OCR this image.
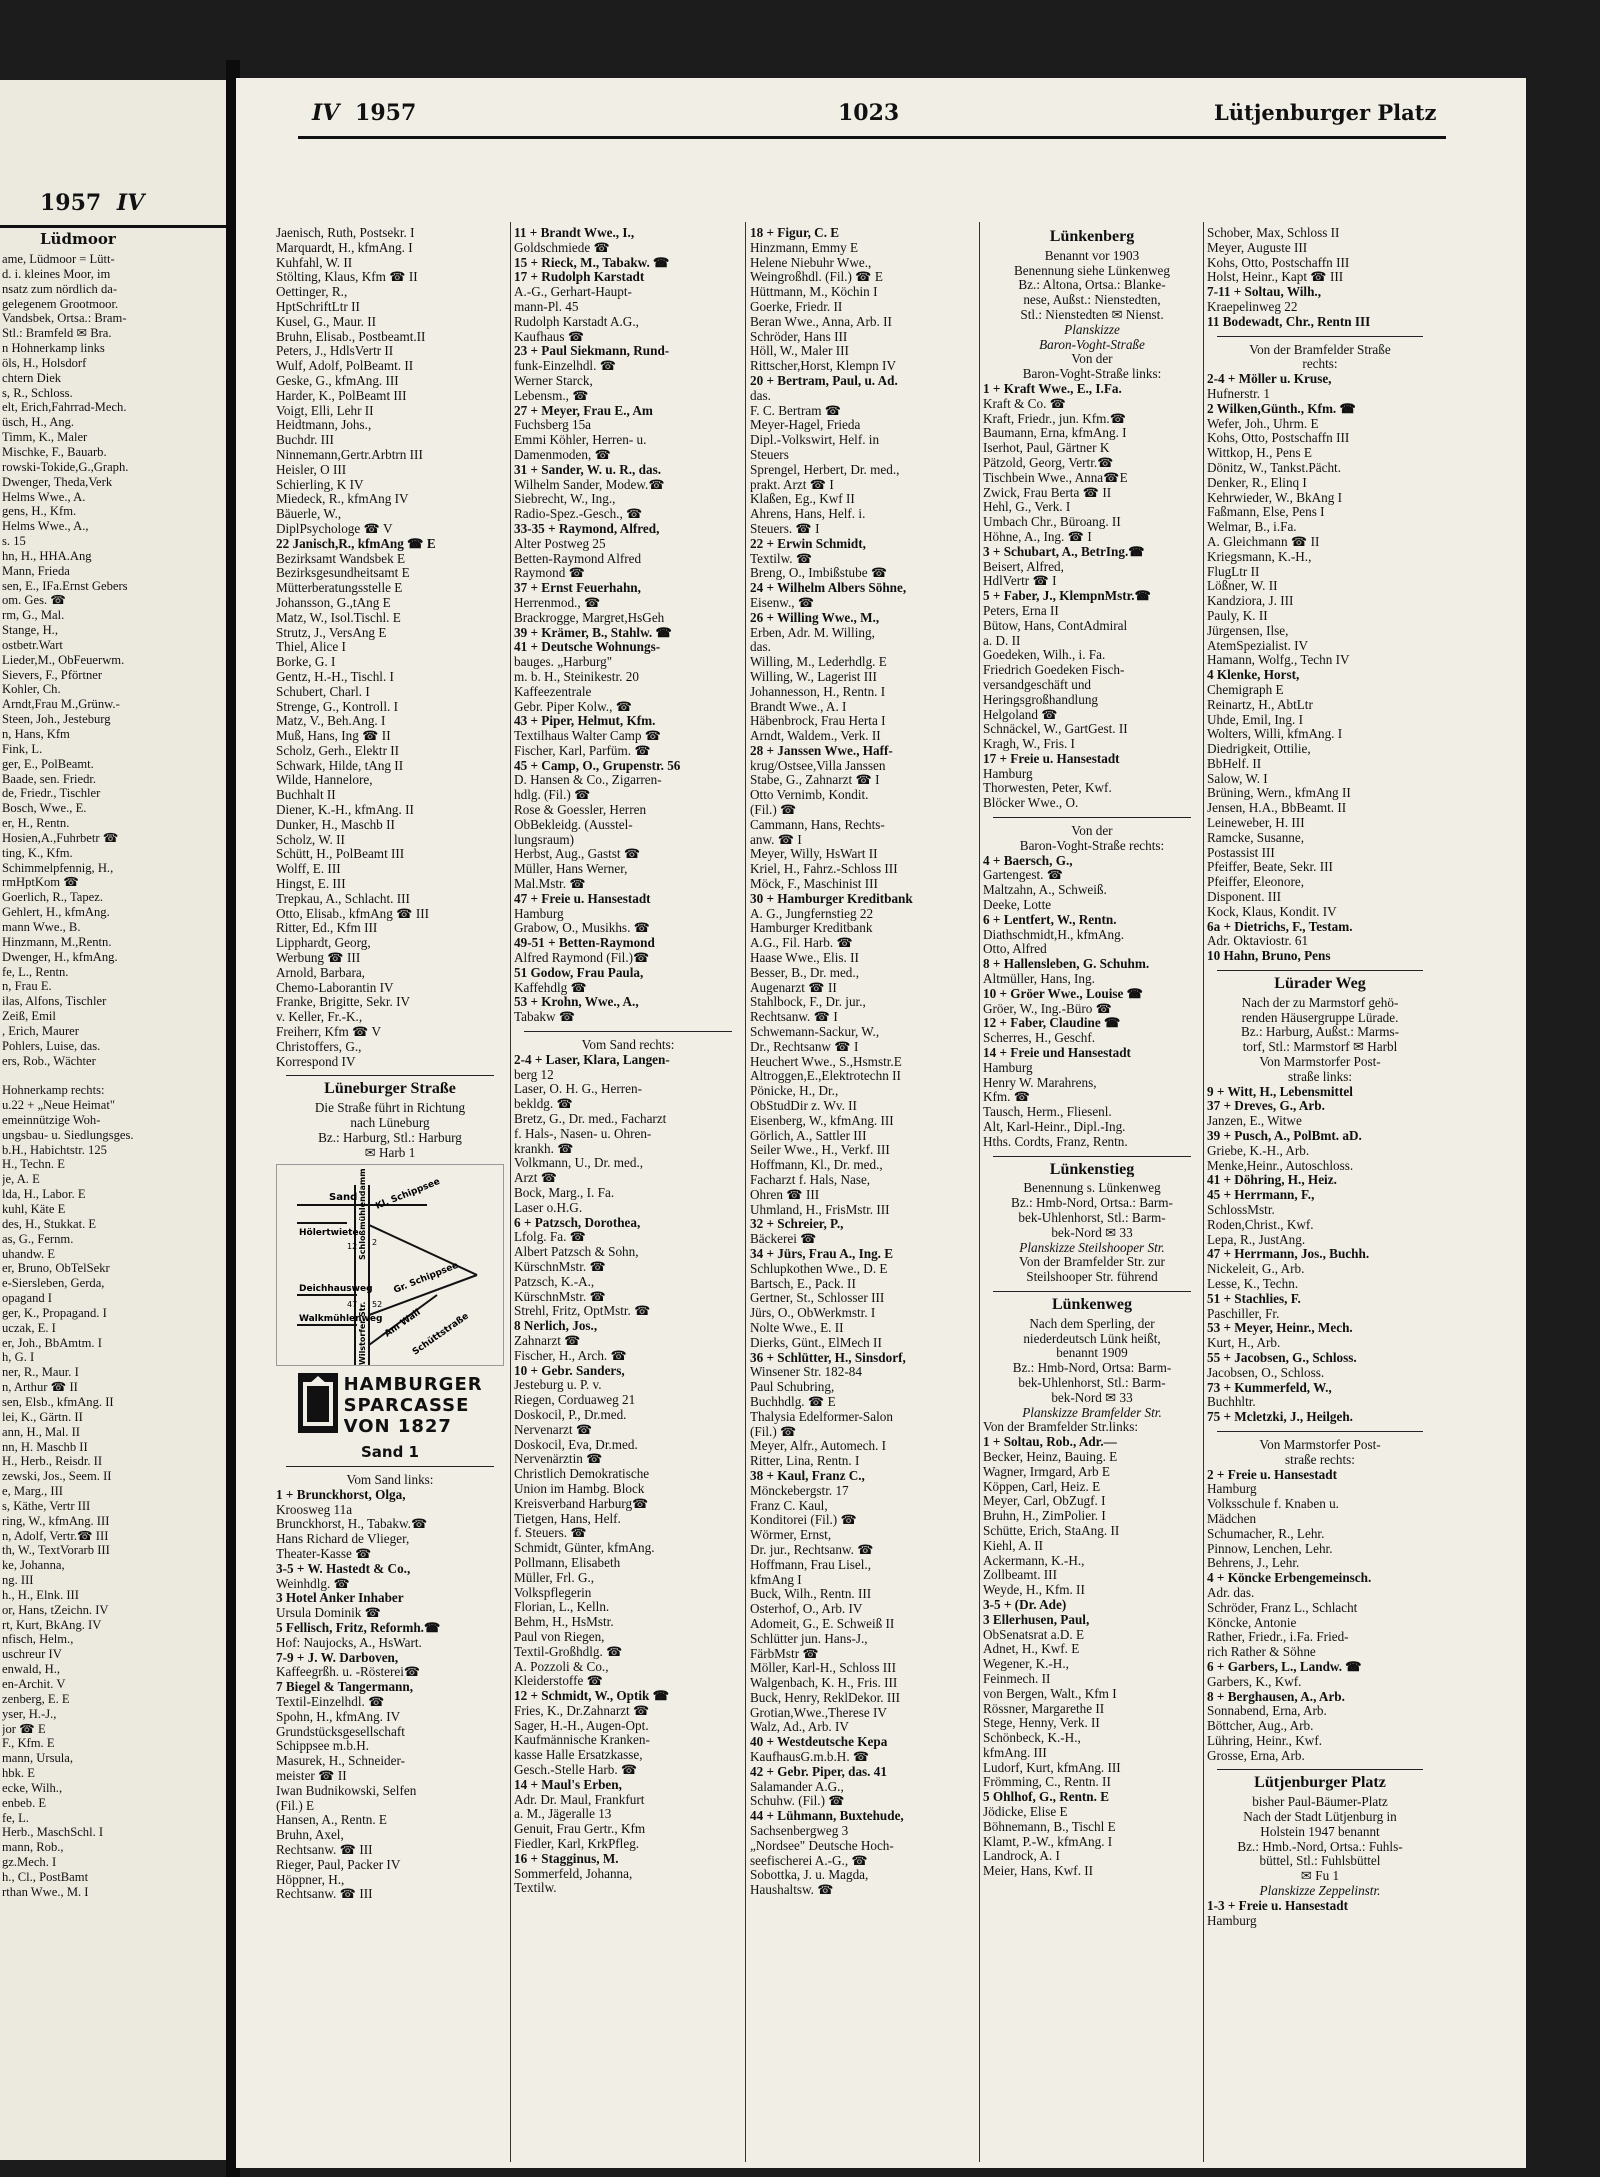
1957 IV
Lüdmoor
ame, Lüdmoor = Lütt-
d. i. kleines Moor, im
nsatz zum nördlich da-
gelegenem Grootmoor.
Vandsbek, Ortsa.: Bram-
Stl.: Bramfeld ✉ Bra.
n Hohnerkamp links
öls, H., Holsdorf
chtern Diek
s, R., Schloss.
elt, Erich,Fahrrad-Mech.
üsch, H., Ang.
Timm, K., Maler
Mischke, F., Bauarb.
rowski-Tokide,G.,Graph.
Dwenger, Theda,Verk
Helms Wwe., A.
gens, H., Kfm.
Helms Wwe., A.,
s. 15
hn, H., HHA.Ang
Mann, Frieda
sen, E., IFa.Ernst Gebers
om. Ges. ☎
rm, G., Mal.
Stange, H.,
ostbetr.Wart
Lieder,M., ObFeuerwm.
Sievers, F., Pförtner
Kohler, Ch.
Arndt,Frau M.,Grünw.-
Steen, Joh., Jesteburg
n, Hans, Kfm
Fink, L.
ger, E., PolBeamt.
Baade, sen. Friedr.
de, Friedr., Tischler
Bosch, Wwe., E.
er, H., Rentn.
Hosien,A.,Fuhrbetr ☎
ting, K., Kfm.
Schimmelpfennig, H.,
rmHptKom ☎
Goerlich, R., Tapez.
Gehlert, H., kfmAng.
mann Wwe., B.
Hinzmann, M.,Rentn.
Dwenger, H., kfmAng.
fe, L., Rentn.
n, Frau E.
ilas, Alfons, Tischler
Zeiß, Emil
, Erich, Maurer
Pohlers, Luise, das.
ers, Rob., Wächter

Hohnerkamp rechts:
u.22 + „Neue Heimat"
emeinnützige Woh-
ungsbau- u. Siedlungsges.
b.H., Habichtstr. 125
H., Techn. E
je, A. E
lda, H., Labor. E
kuhl, Käte E
des, H., Stukkat. E
as, G., Fernm.
uhandw. E
er, Bruno, ObTelSekr
e-Siersleben, Gerda,
opagand I
ger, K., Propagand. I
uczak, E. I
er, Joh., BbAmtm. I
h, G. I
ner, R., Maur. I
n, Arthur ☎ II
sen, Elsb., kfmAng. II
lei, K., Gärtn. II
ann, H., Mal. II
nn, H. Maschb II
H., Herb., Reisdr. II
zewski, Jos., Seem. II
e, Marg., III
s, Käthe, Vertr III
ring, W., kfmAng. III
n, Adolf, Vertr.☎ III
th, W., TextVorarb III
ke, Johanna,
ng. III
h., H., Elnk. III
or, Hans, tZeichn. IV
rt, Kurt, BkAng. IV
nfisch, Helm.,
uschreur IV
enwald, H.,
en-Archit. V
zenberg, E. E
yser, H.-J.,
jor ☎ E
F., Kfm. E
mann, Ursula,
hbk. E
ecke, Wilh.,
enbeb. E
fe, L.
Herb., MaschSchl. I
mann, Rob.,
gz.Mech. I
h., Cl., PostBamt
rthan Wwe., M. I
IV 1957	1023	Lütjenburger Platz
Jaenisch, Ruth, Postsekr. I
Marquardt, H., kfmAng. I
Kuhfahl, W. II
Stölting, Klaus, Kfm ☎ II
Oettinger, R.,
HptSchriftLtr II
Kusel, G., Maur. II
Bruhn, Elisab., Postbeamt.II
Peters, J., HdlsVertr II
Wulf, Adolf, PolBeamt. II
Geske, G., kfmAng. III
Harder, K., PolBeamt III
Voigt, Elli, Lehr II
Heidtmann, Johs.,
Buchdr. III
Ninnemann,Gertr.Arbtrn III
Heisler, O III
Schierling, K IV
Miedeck, R., kfmAng IV
Bäuerle, W.,
DiplPsychologe ☎ V
22 Janisch,R., kfmAng ☎ E
Bezirksamt Wandsbek E
Bezirksgesundheitsamt E
Mütterberatungsstelle E
Johansson, G.,tAng E
Matz, W., Isol.Tischl. E
Strutz, J., VersAng E
Thiel, Alice I
Borke, G. I
Gentz, H.-H., Tischl. I
Schubert, Charl. I
Strenge, G., Kontroll. I
Matz, V., Beh.Ang. I
Muß, Hans, Ing ☎ II
Scholz, Gerh., Elektr II
Schwark, Hilde, tAng II
Wilde, Hannelore,
Buchhalt II
Diener, K.-H., kfmAng. II
Dunker, H., Maschb II
Scholz, W. II
Schütt, H., PolBeamt III
Wolff, E. III
Hingst, E. III
Trepkau, A., Schlacht. III
Otto, Elisab., kfmAng ☎ III
Ritter, Ed., Kfm III
Lipphardt, Georg,
Werbung ☎ III
Arnold, Barbara,
Chemo-Laborantin IV
Franke, Brigitte, Sekr. IV
v. Keller, Fr.-K.,
Freiherr, Kfm ☎ V
Christoffers, G.,
Korrespond IV
Lüneburger Straße
Die Straße führt in Richtung
nach Lüneburg
Bz.: Harburg, Stl.: Harburg
✉ Harb 1
Sand
Hölertwiete
Deichhausweg
Walkmühlenweg
Kl. Schippsee
Gr. Schippsee
Schloßmühlendamm
Am Wall
Schüttstraße
Wilstorfer Str.
12 2
47 52

HAMBURGER
SPARCASSE
VON 1827
Sand 1
Vom Sand links:
1 + Brunckhorst, Olga,
Kroosweg 11a
Brunckhorst, H., Tabakw.☎
Hans Richard de Vlieger,
Theater-Kasse ☎
3-5 + W. Hastedt & Co.,
Weinhdlg. ☎
3 Hotel Anker Inhaber
Ursula Dominik ☎
5 Fellisch, Fritz, Reformh.☎
Hof: Naujocks, A., HsWart.
7-9 + J. W. Darboven,
Kaffeegrßh. u. -Rösterei☎
7 Biegel & Tangermann,
Textil-Einzelhdl. ☎
Spohn, H., kfmAng. IV
Grundstücksgesellschaft
Schippsee m.b.H.
Masurek, H., Schneider-
meister ☎ II
Iwan Budnikowski, Selfen
(Fil.) E
Hansen, A., Rentn. E
Bruhn, Axel,
Rechtsanw. ☎ III
Rieger, Paul, Packer IV
Höppner, H.,
Rechtsanw. ☎ III
11 + Brandt Wwe., I.,
Goldschmiede ☎
15 + Rieck, M., Tabakw. ☎
17 + Rudolph Karstadt
A.-G., Gerhart-Haupt-
mann-Pl. 45
Rudolph Karstadt A.G.,
Kaufhaus ☎
23 + Paul Siekmann, Rund-
funk-Einzelhdl. ☎
Werner Starck,
Lebensm., ☎
27 + Meyer, Frau E., Am
Fuchsberg 15a
Emmi Köhler, Herren- u.
Damenmoden, ☎
31 + Sander, W. u. R., das.
Wilhelm Sander, Modew.☎
Siebrecht, W., Ing.,
Radio-Spez.-Gesch., ☎
33-35 + Raymond, Alfred,
Alter Postweg 25
Betten-Raymond Alfred
Raymond ☎
37 + Ernst Feuerhahn,
Herrenmod., ☎
Brackrogge, Margret,HsGeh
39 + Krämer, B., Stahlw. ☎
41 + Deutsche Wohnungs-
bauges. „Harburg"
m. b. H., Steinikestr. 20
Kaffeezentrale
Gebr. Piper Kolw., ☎
43 + Piper, Helmut, Kfm.
Textilhaus Walter Camp ☎
Fischer, Karl, Parfüm. ☎
45 + Camp, O., Grupenstr. 56
D. Hansen & Co., Zigarren-
hdlg. (Fil.) ☎
Rose & Goessler, Herren
ObBekleidg. (Ausstel-
lungsraum)
Herbst, Aug., Gastst ☎
Müller, Hans Werner,
Mal.Mstr. ☎
47 + Freie u. Hansestadt
Hamburg
Grabow, O., Musikhs. ☎
49-51 + Betten-Raymond
Alfred Raymond (Fil.)☎
51 Godow, Frau Paula,
Kaffehdlg ☎
53 + Krohn, Wwe., A.,
Tabakw ☎
Vom Sand rechts:
2-4 + Laser, Klara, Langen-
berg 12
Laser, O. H. G., Herren-
bekldg. ☎
Bretz, G., Dr. med., Facharzt
f. Hals-, Nasen- u. Ohren-
krankh. ☎
Volkmann, U., Dr. med.,
Arzt ☎
Bock, Marg., I. Fa.
Laser o.H.G.
6 + Patzsch, Dorothea,
Lfolg. Fa. ☎
Albert Patzsch & Sohn,
KürschnMstr. ☎
Patzsch, K.-A.,
KürschnMstr. ☎
Strehl, Fritz, OptMstr. ☎
8 Nerlich, Jos.,
Zahnarzt ☎
Fischer, H., Arch. ☎
10 + Gebr. Sanders,
Jesteburg u. P. v.
Riegen, Corduaweg 21
Doskocil, P., Dr.med.
Nervenarzt ☎
Doskocil, Eva, Dr.med.
Nervenärztin ☎
Christlich Demokratische
Union im Hambg. Block
Kreisverband Harburg☎
Tietgen, Hans, Helf.
f. Steuers. ☎
Schmidt, Günter, kfmAng.
Pollmann, Elisabeth
Müller, Frl. G.,
Volkspflegerin
Florian, L., Kelln.
Behm, H., HsMstr.
Paul von Riegen,
Textil-Großhdlg. ☎
A. Pozzoli & Co.,
Kleiderstoffe ☎
12 + Schmidt, W., Optik ☎
Fries, K., Dr.Zahnarzt ☎
Sager, H.-H., Augen-Opt.
Kaufmännische Kranken-
kasse Halle Ersatzkasse,
Gesch.-Stelle Harb. ☎
14 + Maul's Erben,
Adr. Dr. Maul, Frankfurt
a. M., Jägeralle 13
Genuit, Frau Gertr., Kfm
Fiedler, Karl, KrkPfleg.
16 + Stagginus, M.
Sommerfeld, Johanna,
Textilw.
18 + Figur, C. E
Hinzmann, Emmy E
Helene Niebuhr Wwe.,
Weingroßhdl. (Fil.) ☎ E
Hüttmann, M., Köchin I
Goerke, Friedr. II
Beran Wwe., Anna, Arb. II
Schröder, Hans III
Höll, W., Maler III
Rittscher,Horst, Klempn IV
20 + Bertram, Paul, u. Ad.
das.
F. C. Bertram ☎
Meyer-Hagel, Frieda
Dipl.-Volkswirt, Helf. in
Steuers
Sprengel, Herbert, Dr. med.,
prakt. Arzt ☎ I
Klaßen, Eg., Kwf II
Ahrens, Hans, Helf. i.
Steuers. ☎ I
22 + Erwin Schmidt,
Textilw. ☎
Breng, O., Imbißstube ☎
24 + Wilhelm Albers Söhne,
Eisenw., ☎
26 + Willing Wwe., M.,
Erben, Adr. M. Willing,
das.
Willing, M., Lederhdlg. E
Willing, W., Lagerist III
Johannesson, H., Rentn. I
Brandt Wwe., A. I
Häbenbrock, Frau Herta I
Arndt, Waldem., Verk. II
28 + Janssen Wwe., Haff-
krug/Ostsee,Villa Janssen
Stabe, G., Zahnarzt ☎ I
Otto Vernimb, Kondit.
(Fil.) ☎
Cammann, Hans, Rechts-
anw. ☎ I
Meyer, Willy, HsWart II
Kriel, H., Fahrz.-Schloss III
Möck, F., Maschinist III
30 + Hamburger Kreditbank
A. G., Jungfernstieg 22
Hamburger Kreditbank
A.G., Fil. Harb. ☎
Haase Wwe., Elis. II
Besser, B., Dr. med.,
Augenarzt ☎ II
Stahlbock, F., Dr. jur.,
Rechtsanw. ☎ I
Schwemann-Sackur, W.,
Dr., Rechtsanw ☎ I
Heuchert Wwe., S.,Hsmstr.E
Altroggen,E.,Elektrotechn II
Pönicke, H., Dr.,
ObStudDir z. Wv. II
Eisenberg, W., kfmAng. III
Görlich, A., Sattler III
Seiler Wwe., H., Verkf. III
Hoffmann, Kl., Dr. med.,
Facharzt f. Hals, Nase,
Ohren ☎ III
Uhmland, H., FrisMstr. III
32 + Schreier, P.,
Bäckerei ☎
34 + Jürs, Frau A., Ing. E
Schlupkothen Wwe., D. E
Bartsch, E., Pack. II
Gertner, St., Schlosser III
Jürs, O., ObWerkmstr. I
Nolte Wwe., E. II
Dierks, Günt., ElMech II
36 + Schlütter, H., Sinsdorf,
Winsener Str. 182-84
Paul Schubring,
Buchhdlg. ☎ E
Thalysia Edelformer-Salon
(Fil.) ☎
Meyer, Alfr., Automech. I
Ritter, Lina, Rentn. I
38 + Kaul, Franz C.,
Mönckebergstr. 17
Franz C. Kaul,
Konditorei (Fil.) ☎
Wörmer, Ernst,
Dr. jur., Rechtsanw. ☎
Hoffmann, Frau Lisel.,
kfmAng I
Buck, Wilh., Rentn. III
Osterhof, O., Arb. IV
Adomeit, G., E. Schweiß II
Schlütter jun. Hans-J.,
FärbMstr ☎
Möller, Karl-H., Schloss III
Walgenbach, K. H., Fris. III
Buck, Henry, ReklDekor. III
Grotian,Wwe.,Therese IV
Walz, Ad., Arb. IV
40 + Westdeutsche Kepa
KaufhausG.m.b.H. ☎
42 + Gebr. Piper, das. 41
Salamander A.G.,
Schuhw. (Fil.) ☎
44 + Lühmann, Buxtehude,
Sachsenbergweg 3
„Nordsee" Deutsche Hoch-
seefischerei A.-G., ☎
Sobottka, J. u. Magda,
Haushaltsw. ☎
Lünkenberg
Benannt vor 1903
Benennung siehe Lünkenweg
Bz.: Altona, Ortsa.: Blanke-
nese, Außst.: Nienstedten,
Stl.: Nienstedten ✉ Nienst.
Planskizze
Baron-Voght-Straße
Von der
Baron-Voght-Straße links:
1 + Kraft Wwe., E., I.Fa.
Kraft & Co. ☎
Kraft, Friedr., jun. Kfm.☎
Baumann, Erna, kfmAng. I
Iserhot, Paul, Gärtner K
Pätzold, Georg, Vertr.☎
Tischbein Wwe., Anna☎E
Zwick, Frau Berta ☎ II
Hehl, G., Verk. I
Umbach Chr., Büroang. II
Höhne, A., Ing. ☎ I
3 + Schubart, A., BetrIng.☎
Beisert, Alfred,
HdlVertr ☎ I
5 + Faber, J., KlempnMstr.☎
Peters, Erna II
Bütow, Hans, ContAdmiral
a. D. II
Goedeken, Wilh., i. Fa.
Friedrich Goedeken Fisch-
versandgeschäft und
Heringsgroßhandlung
Helgoland ☎
Schnäckel, W., GartGest. II
Kragh, W., Fris. I
17 + Freie u. Hansestadt
Hamburg
Thorwesten, Peter, Kwf.
Blöcker Wwe., O.
Von der
Baron-Voght-Straße rechts:
4 + Baersch, G.,
Gartengest. ☎
Maltzahn, A., Schweiß.
Deeke, Lotte
6 + Lentfert, W., Rentn.
Diathschmidt,H., kfmAng.
Otto, Alfred
8 + Hallensleben, G. Schuhm.
Altmüller, Hans, Ing.
10 + Gröer Wwe., Louise ☎
Gröer, W., Ing.-Büro ☎
12 + Faber, Claudine ☎
Scherres, H., Geschf.
14 + Freie und Hansestadt
Hamburg
Henry W. Marahrens,
Kfm. ☎
Tausch, Herm., Fliesenl.
Alt, Karl-Heinr., Dipl.-Ing.
Hths. Cordts, Franz, Rentn.
Lünkenstieg
Benennung s. Lünkenweg
Bz.: Hmb-Nord, Ortsa.: Barm-
bek-Uhlenhorst, Stl.: Barm-
bek-Nord ✉ 33
Planskizze Steilshooper Str.
Von der Bramfelder Str. zur
Steilshooper Str. führend
Lünkenweg
Nach dem Sperling, der
niederdeutsch Lünk heißt,
benannt 1909
Bz.: Hmb-Nord, Ortsa: Barm-
bek-Uhlenhorst, Stl.: Barm-
bek-Nord ✉ 33
Planskizze Bramfelder Str.
Von der Bramfelder Str.links:
1 + Soltau, Rob., Adr.—
Becker, Heinz, Bauing. E
Wagner, Irmgard, Arb E
Köppen, Carl, Heiz. E
Meyer, Carl, ObZugf. I
Bruhn, H., ZimPolier. I
Schütte, Erich, StaAng. II
Kiehl, A. II
Ackermann, K.-H.,
Zollbeamt. III
Weyde, H., Kfm. II
3-5 + (Dr. Ade)
3 Ellerhusen, Paul,
ObSenatsrat a.D. E
Adnet, H., Kwf. E
Wegener, K.-H.,
Feinmech. II
von Bergen, Walt., Kfm I
Rössner, Margarethe II
Stege, Henny, Verk. II
Schönbeck, K.-H.,
kfmAng. III
Ludorf, Kurt, kfmAng. III
Frömming, C., Rentn. II
5 Ohlhof, G., Rentn. E
Jödicke, Elise E
Böhnemann, B., Tischl E
Klamt, P.-W., kfmAng. I
Landrock, A. I
Meier, Hans, Kwf. II
Schober, Max, Schloss II
Meyer, Auguste III
Kohs, Otto, Postschaffn III
Holst, Heinr., Kapt ☎ III
7-11 + Soltau, Wilh.,
Kraepelinweg 22
11 Bodewadt, Chr., Rentn III
Von der Bramfelder Straße
rechts:
2-4 + Möller u. Kruse,
Hufnerstr. 1
2 Wilken,Günth., Kfm. ☎
Wefer, Joh., Uhrm. E
Kohs, Otto, Postschaffn III
Wittkop, H., Pens E
Dönitz, W., Tankst.Pächt.
Denker, R., Elinq I
Kehrwieder, W., BkAng I
Faßmann, Else, Pens I
Welmar, B., i.Fa.
A. Gleichmann ☎ II
Kriegsmann, K.-H.,
FlugLtr II
Lößner, W. II
Kandziora, J. III
Pauly, K. II
Jürgensen, Ilse,
AtemSpezialist. IV
Hamann, Wolfg., Techn IV
4 Klenke, Horst,
Chemigraph E
Reinartz, H., AbtLtr
Uhde, Emil, Ing. I
Wolters, Willi, kfmAng. I
Diedrigkeit, Ottilie,
BbHelf. II
Salow, W. I
Brüning, Wern., kfmAng II
Jensen, H.A., BbBeamt. II
Leineweber, H. III
Ramcke, Susanne,
Postassist III
Pfeiffer, Beate, Sekr. III
Pfeiffer, Eleonore,
Disponent. III
Kock, Klaus, Kondit. IV
6a + Dietrichs, F., Testam.
Adr. Oktaviostr. 61
10 Hahn, Bruno, Pens
Lürader Weg
Nach der zu Marmstorf gehö-
renden Häusergruppe Lürade.
Bz.: Harburg, Außst.: Marms-
torf, Stl.: Marmstorf ✉ Harbl
Von Marmstorfer Post-
straße links:
9 + Witt, H., Lebensmittel
37 + Dreves, G., Arb.
Janzen, E., Witwe
39 + Pusch, A., PolBmt. aD.
Griebe, K.-H., Arb.
Menke,Heinr., Autoschloss.
41 + Döhring, H., Heiz.
45 + Herrmann, F.,
SchlossMstr.
Roden,Christ., Kwf.
Lepa, R., JustAng.
47 + Herrmann, Jos., Buchh.
Nickeleit, G., Arb.
Lesse, K., Techn.
51 + Stachlies, F.
Paschiller, Fr.
53 + Meyer, Heinr., Mech.
Kurt, H., Arb.
55 + Jacobsen, G., Schloss.
Jacobsen, O., Schloss.
73 + Kummerfeld, W.,
Buchhltr.
75 + Mcletzki, J., Heilgeh.
Von Marmstorfer Post-
straße rechts:
2 + Freie u. Hansestadt
Hamburg
Volksschule f. Knaben u.
Mädchen
Schumacher, R., Lehr.
Pinnow, Lenchen, Lehr.
Behrens, J., Lehr.
4 + Köncke Erbengemeinsch.
Adr. das.
Schröder, Franz L., Schlacht
Köncke, Antonie
Rather, Friedr., i.Fa. Fried-
rich Rather & Söhne
6 + Garbers, L., Landw. ☎
Garbers, K., Kwf.
8 + Berghausen, A., Arb.
Sonnabend, Erna, Arb.
Böttcher, Aug., Arb.
Lühring, Heinr., Kwf.
Grosse, Erna, Arb.
Lütjenburger Platz
bisher Paul-Bäumer-Platz
Nach der Stadt Lütjenburg in
Holstein 1947 benannt
Bz.: Hmb.-Nord, Ortsa.: Fuhls-
büttel, Stl.: Fuhlsbüttel
✉ Fu 1
Planskizze Zeppelinstr.
1-3 + Freie u. Hansestadt
Hamburg
